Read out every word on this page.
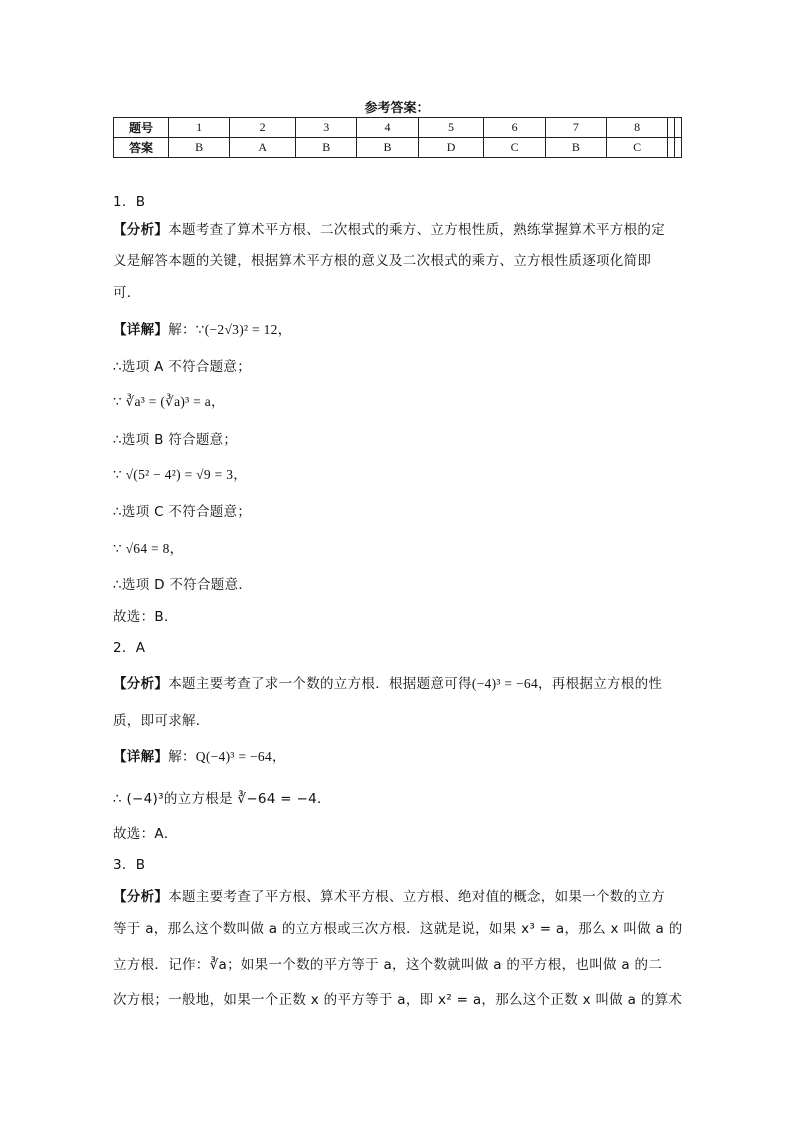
参考答案：
题号	1	2	3	4	5	6	7	8		
答案	B	A	B	B	D	C	B	C		
1．B
【分析】本题考查了算术平方根、二次根式的乘方、立方根性质，熟练掌握算术平方根的定
义是解答本题的关键，根据算术平方根的意义及二次根式的乘方、立方根性质逐项化简即
可．
【详解】解：∵(−2√3)² = 12，
∴选项 A 不符合题意；
∵ ∛a³ = (∛a)³ = a，
∴选项 B 符合题意；
∵ √(5² − 4²) = √9 = 3，
∴选项 C 不符合题意；
∵ √64 = 8，
∴选项 D 不符合题意．
故选：B．
2．A
【分析】本题主要考查了求一个数的立方根．根据题意可得(−4)³ = −64，再根据立方根的性
质，即可求解．
【详解】解：Q(−4)³ = −64，
∴ (−4)³的立方根是 ∛−64 = −4．
故选：A．
3．B
【分析】本题主要考查了平方根、算术平方根、立方根、绝对值的概念，如果一个数的立方
等于 a，那么这个数叫做 a 的立方根或三次方根．这就是说，如果 x³ = a，那么 x 叫做 a 的
立方根．记作：∛a；如果一个数的平方等于 a，这个数就叫做 a 的平方根，也叫做 a 的二
次方根；一般地，如果一个正数 x 的平方等于 a，即 x² = a，那么这个正数 x 叫做 a 的算术
